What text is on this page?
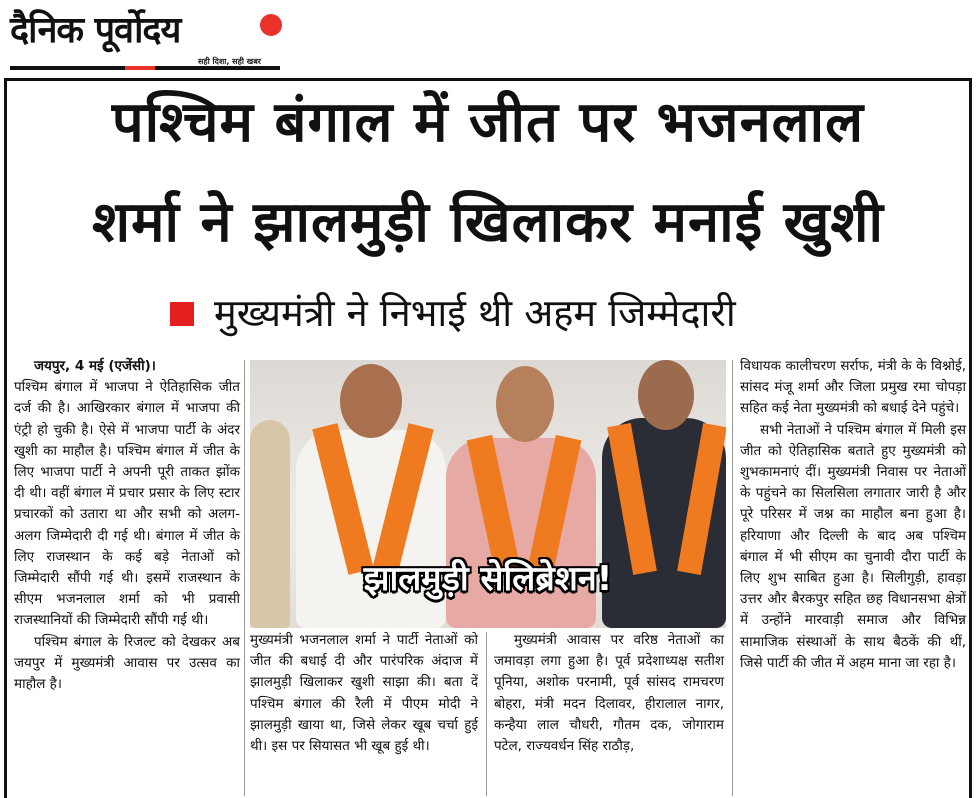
दैनिक पूर्वोदय
सही दिशा, सही खबर
पश्चिम बंगाल में जीत पर भजनलाल
शर्मा ने झालमुड़ी खिलाकर मनाई खुशी
मुख्यमंत्री ने निभाई थी अहम जिम्मेदारी

जयपुर, 4 मई (एजेंसी)।

पश्चिम बंगाल में भाजपा ने ऐतिहासिक जीत दर्ज की है। आखिरकार बंगाल में भाजपा की एंट्री हो चुकी है। ऐसे में भाजपा पार्टी के अंदर खुशी का माहौल है। पश्चिम बंगाल में जीत के लिए भाजपा पार्टी ने अपनी पूरी ताकत झोंक दी थी। वहीं बंगाल में प्रचार प्रसार के लिए स्टार प्रचारकों को उतारा था और सभी को अलग-अलग जिम्मेदारी दी गई थी। बंगाल में जीत के लिए राजस्थान के कई बड़े नेताओं को जिम्मेदारी सौंपी गई थी। इसमें राजस्थान के सीएम भजनलाल शर्मा को भी प्रवासी राजस्थानियों की जिम्मेदारी सौंपी गई थी।

पश्चिम बंगाल के रिजल्ट को देखकर अब जयपुर में मुख्यमंत्री आवास पर उत्सव का माहौल है।

झालमुड़ी सेलिब्रेशन!

मुख्यमंत्री भजनलाल शर्मा ने पार्टी नेताओं को जीत की बधाई दी और पारंपरिक अंदाज में झालमुड़ी खिलाकर खुशी साझा की। बता दें पश्चिम बंगाल की रैली में पीएम मोदी ने झालमुड़ी खाया था, जिसे लेकर खूब चर्चा हुई थी। इस पर सियासत भी खूब हुई थी।

मुख्यमंत्री आवास पर वरिष्ठ नेताओं का जमावड़ा लगा हुआ है। पूर्व प्रदेशाध्यक्ष सतीश पूनिया, अशोक परनामी, पूर्व सांसद रामचरण बोहरा, मंत्री मदन दिलावर, हीरालाल नागर, कन्हैया लाल चौधरी, गौतम दक, जोगाराम पटेल, राज्यवर्धन सिंह राठौड़,

विधायक कालीचरण सर्राफ, मंत्री के के विश्नोई, सांसद मंजू शर्मा और जिला प्रमुख रमा चोपड़ा सहित कई नेता मुख्यमंत्री को बधाई देने पहुंचे।

सभी नेताओं ने पश्चिम बंगाल में मिली इस जीत को ऐतिहासिक बताते हुए मुख्यमंत्री को शुभकामनाएं दीं। मुख्यमंत्री निवास पर नेताओं के पहुंचने का सिलसिला लगातार जारी है और पूरे परिसर में जश्न का माहौल बना हुआ है। हरियाणा और दिल्ली के बाद अब पश्चिम बंगाल में भी सीएम का चुनावी दौरा पार्टी के लिए शुभ साबित हुआ है। सिलीगुड़ी, हावड़ा उत्तर और बैरकपुर सहित छह विधानसभा क्षेत्रों में उन्होंने मारवाड़ी समाज और विभिन्न सामाजिक संस्थाओं के साथ बैठकें की थीं, जिसे पार्टी की जीत में अहम माना जा रहा है।
